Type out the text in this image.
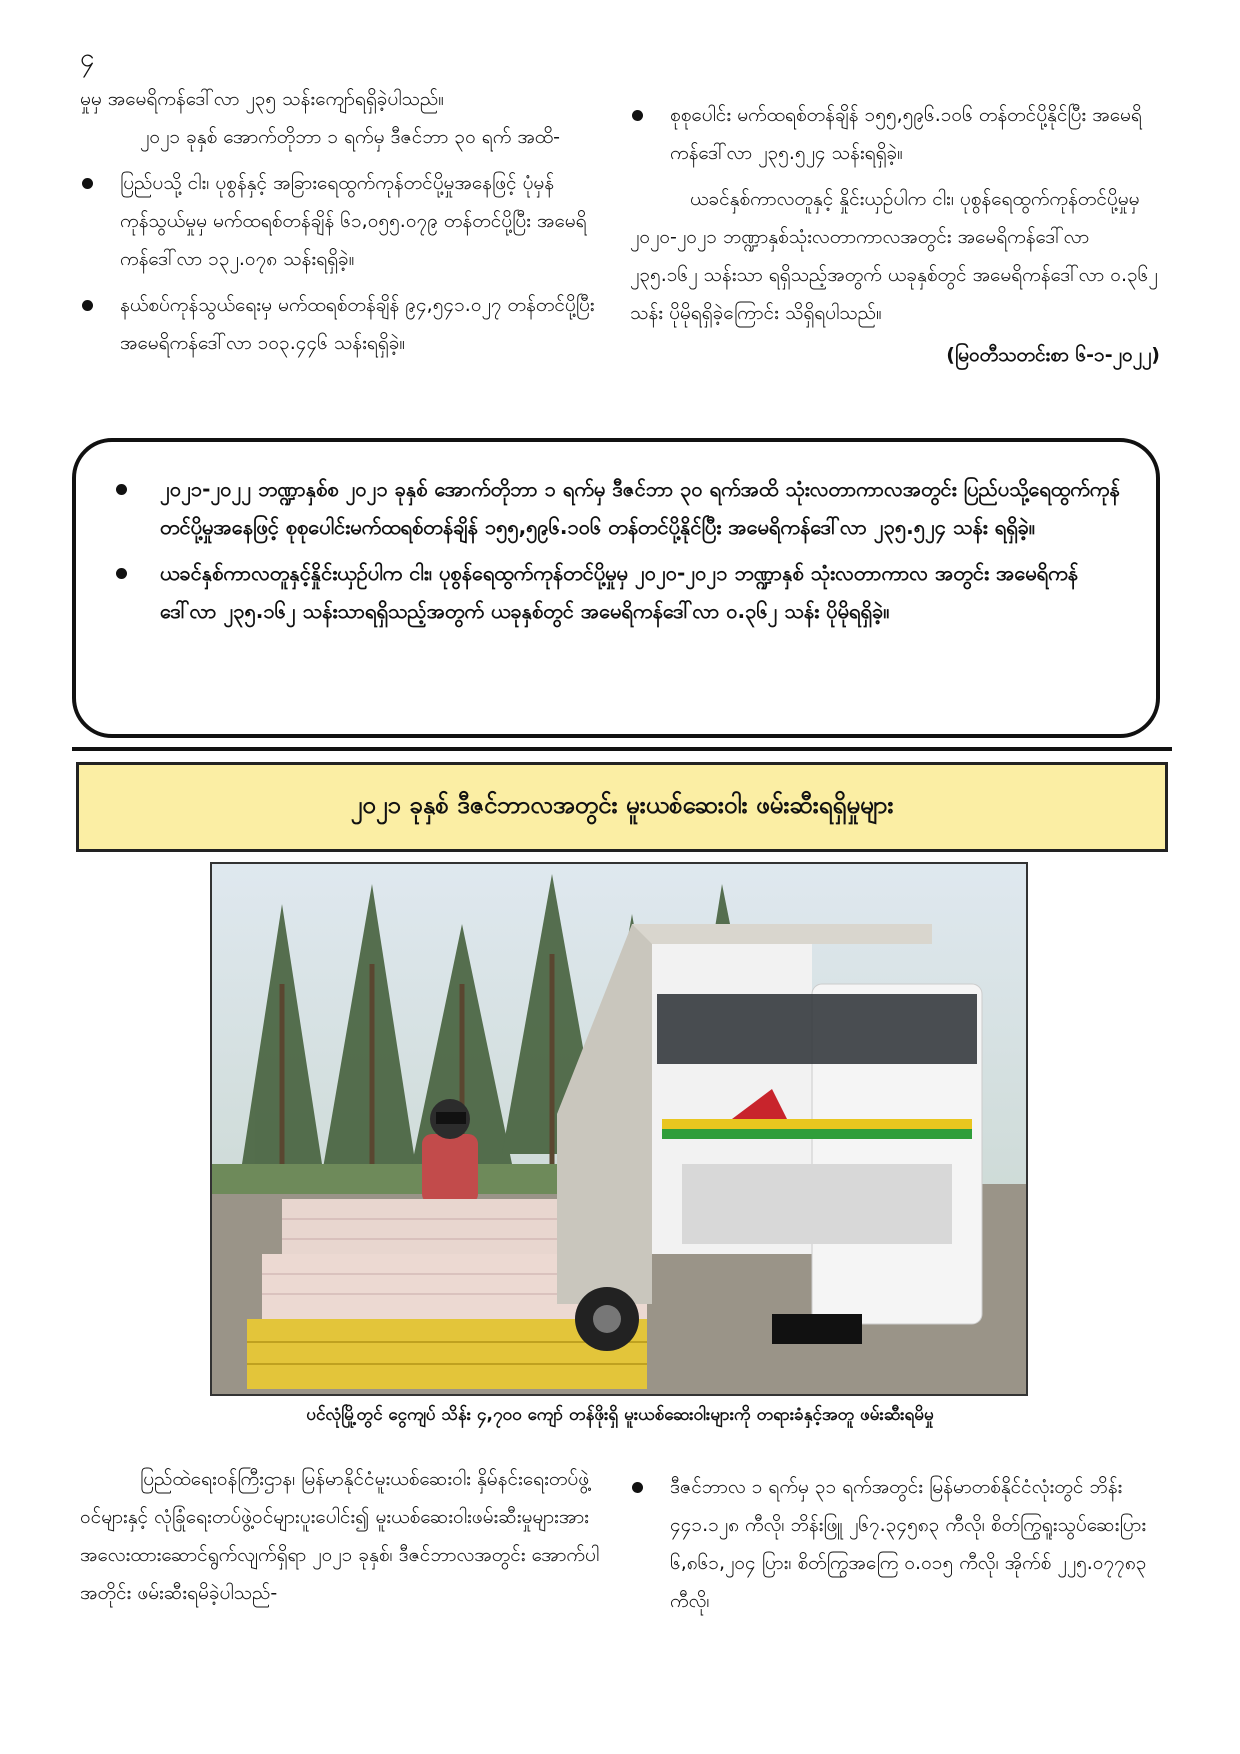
၄

မှုမှ အမေရိကန်ဒေါ်လာ ၂၃၅ သန်းကျော်ရရှိခဲ့ပါသည်။

၂၀၂၁ ခုနှစ် အောက်တိုဘာ ၁ ရက်မှ ဒီဇင်ဘာ ၃၀ ရက် အထိ-

ပြည်ပသို့ ငါး၊ ပုစွန်နှင့် အခြားရေထွက်ကုန်တင်ပို့မှုအနေဖြင့် ပုံမှန်ကုန်သွယ်မှုမှ မက်ထရစ်တန်ချိန် ၆၁,၀၅၅.၀၇၉ တန်တင်ပို့ပြီး အမေရိကန်ဒေါ်လာ ၁၃၂.၀၇၈ သန်းရရှိခဲ့။

နယ်စပ်ကုန်သွယ်ရေးမှ မက်ထရစ်တန်ချိန် ၉၄,၅၄၁.၀၂၇ တန်တင်ပို့ပြီး အမေရိကန်ဒေါ်လာ ၁၀၃.၄၄၆ သန်းရရှိခဲ့။

စုစုပေါင်း မက်ထရစ်တန်ချိန် ၁၅၅,၅၉၆.၁၀၆ တန်တင်ပို့နိုင်ပြီး အမေရိကန်ဒေါ်လာ ၂၃၅.၅၂၄ သန်းရရှိခဲ့။

ယခင်နှစ်ကာလတူနှင့် နှိုင်းယှဉ်ပါက ငါး၊ ပုစွန်ရေထွက်ကုန်တင်ပို့မှုမှ ၂၀၂၀-၂၀၂၁ ဘဏ္ဍာနှစ်သုံးလတာကာလအတွင်း အမေရိကန်ဒေါ်လာ ၂၃၅.၁၆၂ သန်းသာ ရရှိသည့်အတွက် ယခုနှစ်တွင် အမေရိကန်ဒေါ်လာ ၀.၃၆၂ သန်း ပိုမိုရရှိခဲ့ကြောင်း သိရှိရပါသည်။

(မြဝတီသတင်းစာ ၆-၁-၂၀၂၂)

၂၀၂၁-၂၀၂၂ ဘဏ္ဍာနှစ်စ ၂၀၂၁ ခုနှစ် အောက်တိုဘာ ၁ ရက်မှ ဒီဇင်ဘာ ၃၀ ရက်အထိ သုံးလတာကာလအတွင်း ပြည်ပသို့ရေထွက်ကုန်တင်ပို့မှုအနေဖြင့် စုစုပေါင်းမက်ထရစ်တန်ချိန် ၁၅၅,၅၉၆.၁၀၆ တန်တင်ပို့နိုင်ပြီး အမေရိကန်ဒေါ်လာ ၂၃၅.၅၂၄ သန်း ရရှိခဲ့။

ယခင်နှစ်ကာလတူနှင့်နှိုင်းယှဉ်ပါက ငါး၊ ပုစွန်ရေထွက်ကုန်တင်ပို့မှုမှ ၂၀၂၀-၂၀၂၁ ဘဏ္ဍာနှစ် သုံးလတာကာလ အတွင်း အမေရိကန်ဒေါ်လာ ၂၃၅.၁၆၂ သန်းသာရရှိသည့်အတွက် ယခုနှစ်တွင် အမေရိကန်ဒေါ်လာ ၀.၃၆၂ သန်း ပိုမိုရရှိခဲ့။

၂၀၂၁ ခုနှစ် ဒီဇင်ဘာလအတွင်း မူးယစ်ဆေးဝါး ဖမ်းဆီးရရှိမှုများ
ပင်လုံမြို့တွင် ငွေကျပ် သိန်း ၄,၇၀၀ ကျော် တန်ဖိုးရှိ မူးယစ်ဆေးဝါးများကို တရားခံနှင့်အတူ ဖမ်းဆီးရမိမှု

ပြည်ထဲရေးဝန်ကြီးဌာန၊ မြန်မာနိုင်ငံမူးယစ်ဆေးဝါး နှိမ်နင်းရေးတပ်ဖွဲ့ဝင်များနှင့် လုံခြုံရေးတပ်ဖွဲ့ဝင်များပူးပေါင်း၍ မူးယစ်ဆေးဝါးဖမ်းဆီးမှုများအား အလေးထားဆောင်ရွက်လျက်ရှိရာ ၂၀၂၁ ခုနှစ်၊ ဒီဇင်ဘာလအတွင်း အောက်ပါအတိုင်း ဖမ်းဆီးရမိခဲ့ပါသည်-

ဒီဇင်ဘာလ ၁ ရက်မှ ၃၁ ရက်အတွင်း မြန်မာတစ်နိုင်ငံလုံးတွင် ဘိန်း ၄၄၁.၁၂၈ ကီလို၊ ဘိန်းဖြူ ၂၆၇.၃၄၅၈၃ ကီလို၊ စိတ်ကြွရူးသွပ်ဆေးပြား ၆,၈၆၁,၂၀၄ ပြား၊ စိတ်ကြွအကြေ ၀.၀၁၅ ကီလို၊ အိုက်စ် ၂၂၅.၀၇၇၈၃ ကီလို၊
